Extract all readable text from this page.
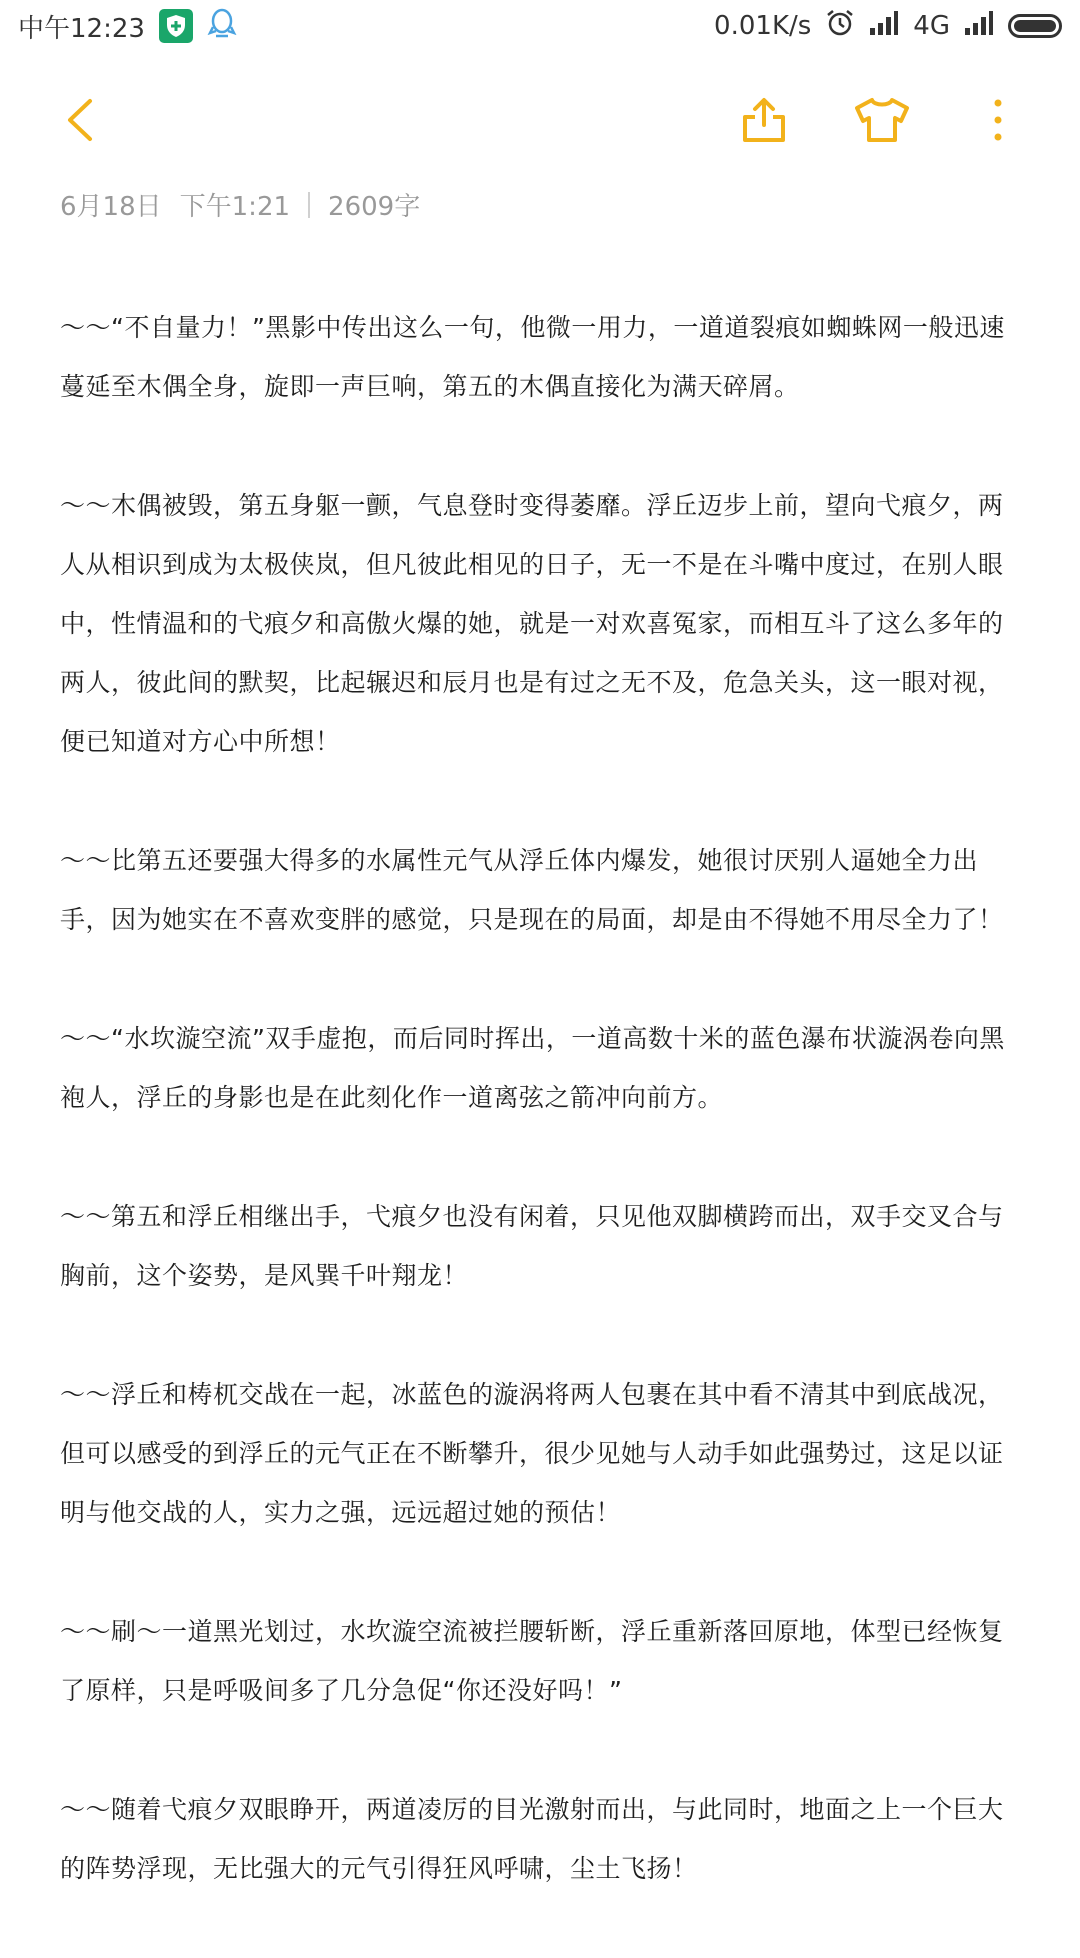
中午12:23	0.01K/s	4G
6月18日 下午1:21 2609字

～～“不自量力！”黑影中传出这么一句，他微一用力，一道道裂痕如蜘蛛网一般迅速蔓延至木偶全身，旋即一声巨响，第五的木偶直接化为满天碎屑。

～～木偶被毁，第五身躯一颤，气息登时变得萎靡。浮丘迈步上前，望向弋痕夕，两人从相识到成为太极侠岚，但凡彼此相见的日子，无一不是在斗嘴中度过，在别人眼中，性情温和的弋痕夕和高傲火爆的她，就是一对欢喜冤家，而相互斗了这么多年的两人，彼此间的默契，比起辗迟和辰月也是有过之无不及，危急关头，这一眼对视，便已知道对方心中所想！

～～比第五还要强大得多的水属性元气从浮丘体内爆发，她很讨厌别人逼她全力出手，因为她实在不喜欢变胖的感觉，只是现在的局面，却是由不得她不用尽全力了！

～～“水坎漩空流”双手虚抱，而后同时挥出，一道高数十米的蓝色瀑布状漩涡卷向黑袍人，浮丘的身影也是在此刻化作一道离弦之箭冲向前方。

～～第五和浮丘相继出手，弋痕夕也没有闲着，只见他双脚横跨而出，双手交叉合与胸前，这个姿势，是风巽千叶翔龙！

～～浮丘和梼杌交战在一起，冰蓝色的漩涡将两人包裹在其中看不清其中到底战况，但可以感受的到浮丘的元气正在不断攀升，很少见她与人动手如此强势过，这足以证明与他交战的人，实力之强，远远超过她的预估！

～～刷～一道黑光划过，水坎漩空流被拦腰斩断，浮丘重新落回原地，体型已经恢复了原样，只是呼吸间多了几分急促“你还没好吗！”

～～随着弋痕夕双眼睁开，两道凌厉的目光激射而出，与此同时，地面之上一个巨大的阵势浮现，无比强大的元气引得狂风呼啸，尘土飞扬！
